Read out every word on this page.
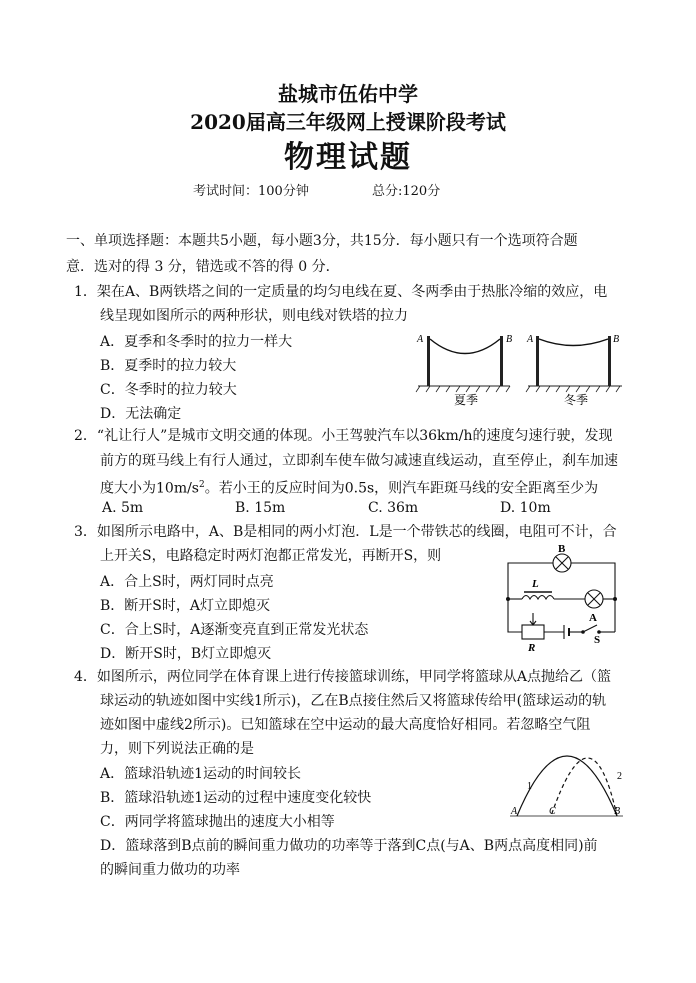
盐城市伍佑中学
2020届高三年级网上授课阶段考试
物理试题
考试时间：100分钟	总分:120分
一、单项选择题：本题共5小题，每小题3分，共15分．每小题只有一个选项符合题
意．选对的得 3 分，错选或不答的得 0 分．
1．架在A、B两铁塔之间的一定质量的均匀电线在夏、冬两季由于热胀冷缩的效应，电
线呈现如图所示的两种形状，则电线对铁塔的拉力
A．夏季和冬季时的拉力一样大
B．夏季时的拉力较大
C．冬季时的拉力较大
D．无法确定
A	B
夏季
A	B
冬季
2．“礼让行人”是城市文明交通的体现。小王驾驶汽车以36km/h的速度匀速行驶，发现
前方的斑马线上有行人通过，立即刹车使车做匀减速直线运动，直至停止，刹车加速
度大小为$10m/s^2$。若小王的反应时间为0.5s，则汽车距斑马线的安全距离至少为
A. 5m	B. 15m	C. 36m	D. 10m
3．如图所示电路中，A、B是相同的两小灯泡．L是一个带铁芯的线圈，电阻可不计，合
上开关S，电路稳定时两灯泡都正常发光，再断开S，则
A．合上S时，两灯同时点亮
B．断开S时，A灯立即熄灭
C．合上S时，A逐渐变亮直到正常发光状态
D．断开S时，B灯立即熄灭
B
L
A
R
S
4．如图所示，两位同学在体育课上进行传接篮球训练，甲同学将篮球从A点抛给乙（篮
球运动的轨迹如图中实线1所示)，乙在B点接住然后又将篮球传给甲(篮球运动的轨
迹如图中虚线2所示)。已知篮球在空中运动的最大高度恰好相同。若忽略空气阻
力，则下列说法正确的是
A．篮球沿轨迹1运动的时间较长
B．篮球沿轨迹1运动的过程中速度变化较快
C．两同学将篮球抛出的速度大小相等
D．篮球落到B点前的瞬间重力做功的功率等于落到C点(与A、B两点高度相同)前
的瞬间重力做功的功率
1
2
A	C	B
